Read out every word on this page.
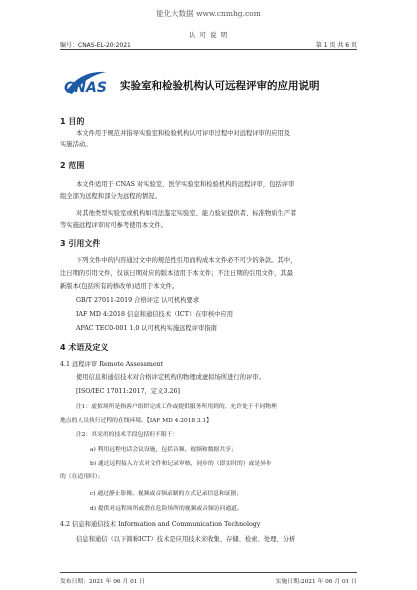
能化大数据 www.cnmhg.com
认 可 说 明
编号：CNAS-EL-20:2021	第 1 页 共 6 页
CNAS 实验室和检验机构认可远程评审的应用说明
1 目的
本文件用于规范并指导实验室和检验机构认可评审过程中对远程评审的应用及
实施活动。
2 范围
本文件适用于 CNAS 对实验室、医学实验室和检验机构的远程评审，包括评审
组全部为远程和部分为远程的情况。
对其他类型实验室或机构如司法鉴定实验室、能力验证提供者、标准物质生产者
等实施远程评审时可参考使用本文件。
3 引用文件
下列文件中的内容通过文中的规范性引用而构成本文件必不可少的条款。其中，
注日期的引用文件，仅该日期对应的版本适用于本文件；不注日期的引用文件，其最
新版本(包括所有的修改单)适用于本文件。
GB/T 27011-2019 合格评定 认可机构要求
IAF MD 4:2018 信息和通信技术（ICT）在审核中应用
APAC TEC0-001 1.0 认可机构实施远程评审指南
4 术语及定义
4.1 远程评审 Remote Assessment
使用信息和通信技术对合格评定机构的物理或虚拟场所进行的评审。
[ISO/IEC 17011:2017，定义3.26]
注1：虚拟场所是指客户组织完成工作或提供服务所用到的，允许处于不同物理
地点的人员执行过程的在线环境。【IAF MD 4:2018 3.1】
注2：其采用的技术手段包括但不限于：
a) 利用远程电话会议设施，包括音频、视频和数据共享；
b) 通过远程接入方式对文件和记录审核，同步的（即实时的）或是异步
的（在适用时）；
c) 通过静止影像、视频或音频录制的方式记录信息和证据；
d) 提供对远程场所或潜在危险场所的视频或音频访问通道。
4.2 信息和通信技术 Information and Communication Technology
信息和通信（以下简称ICT）技术是应用技术来收集、存储、检索、处理、分析
发布日期：2021 年 06 月 01 日	实施日期:2021 年 06 月 01 日
